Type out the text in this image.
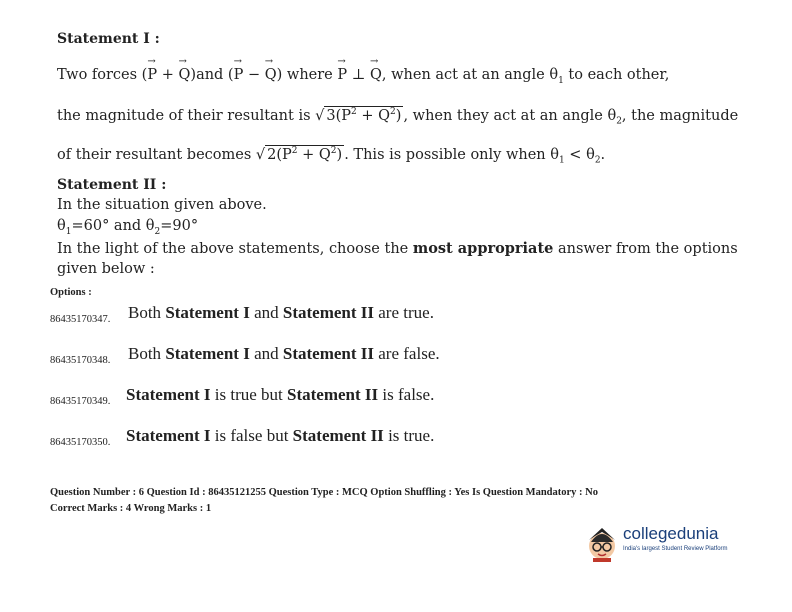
Statement I :
Two forces (→ P + → Q)and (→ P − → Q) where → P ⊥ → Q, when act at an angle $\theta_1$ to each other,
the magnitude of their resultant is √ $3(P^2 + Q^2)$ , when they act at an angle $\theta_2$, the magnitude
of their resultant becomes √ $2(P^2 + Q^2)$ . This is possible only when $\theta_1 < \theta_2$.
Statement II :
In the situation given above.
$\theta_1=60^\circ$ and $\theta_2=90^\circ$
In the light of the above statements, choose the most appropriate answer from the options
given below :
Options :
86435170347. Both Statement I and Statement II are true.
86435170348. Both Statement I and Statement II are false.
86435170349. Statement I is true but Statement II is false.
86435170350. Statement I is false but Statement II is true.
Question Number : 6 Question Id : 86435121255 Question Type : MCQ Option Shuffling : Yes Is Question Mandatory : No
Correct Marks : 4 Wrong Marks : 1
collegedunia
India's largest Student Review Platform
